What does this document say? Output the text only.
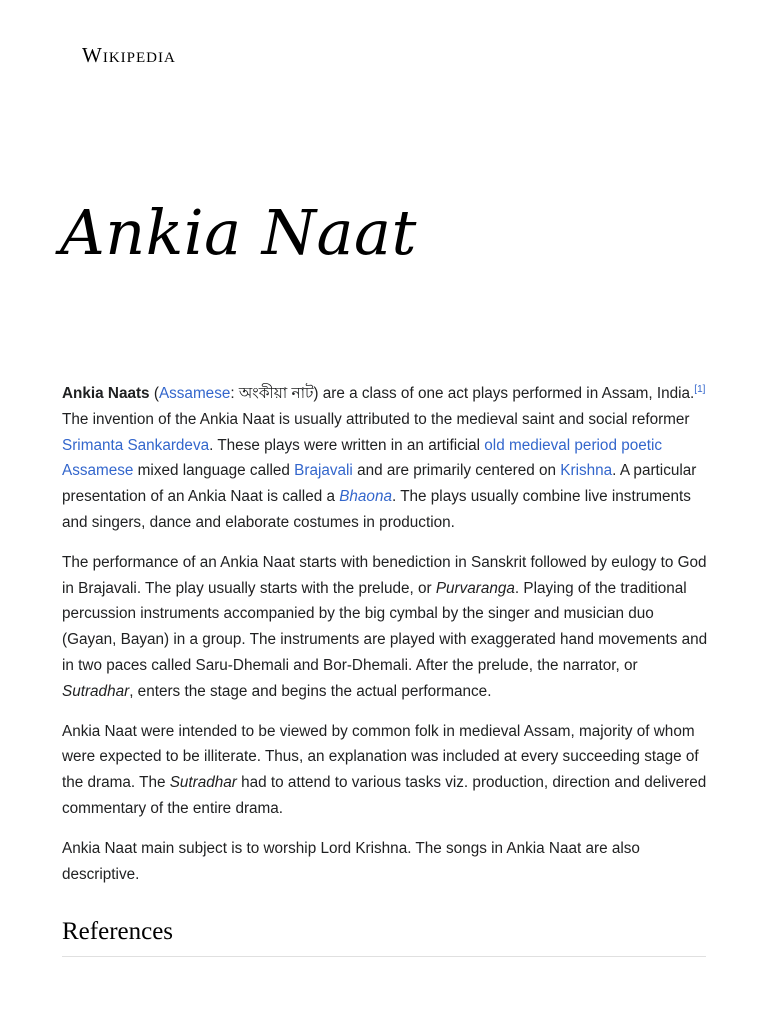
Wikipedia
Ankia Naat

Ankia Naats (Assamese: অংকীয়া নাট) are a class of one act plays performed in Assam, India.[1] The invention of the Ankia Naat is usually attributed to the medieval saint and social reformer Srimanta Sankardeva. These plays were written in an artificial old medieval period poetic Assamese mixed language called Brajavali and are primarily centered on Krishna. A particular presentation of an Ankia Naat is called a Bhaona. The plays usually combine live instruments and singers, dance and elaborate costumes in production.

The performance of an Ankia Naat starts with benediction in Sanskrit followed by eulogy to God in Brajavali. The play usually starts with the prelude, or Purvaranga. Playing of the traditional percussion instruments accompanied by the big cymbal by the singer and musician duo (Gayan, Bayan) in a group. The instruments are played with exaggerated hand movements and in two paces called Saru-Dhemali and Bor-Dhemali. After the prelude, the narrator, or Sutradhar, enters the stage and begins the actual performance.

Ankia Naat were intended to be viewed by common folk in medieval Assam, majority of whom were expected to be illiterate. Thus, an explanation was included at every succeeding stage of the drama. The Sutradhar had to attend to various tasks viz. production, direction and delivered commentary of the entire drama.

Ankia Naat main subject is to worship Lord Krishna. The songs in Ankia Naat are also descriptive.

References
